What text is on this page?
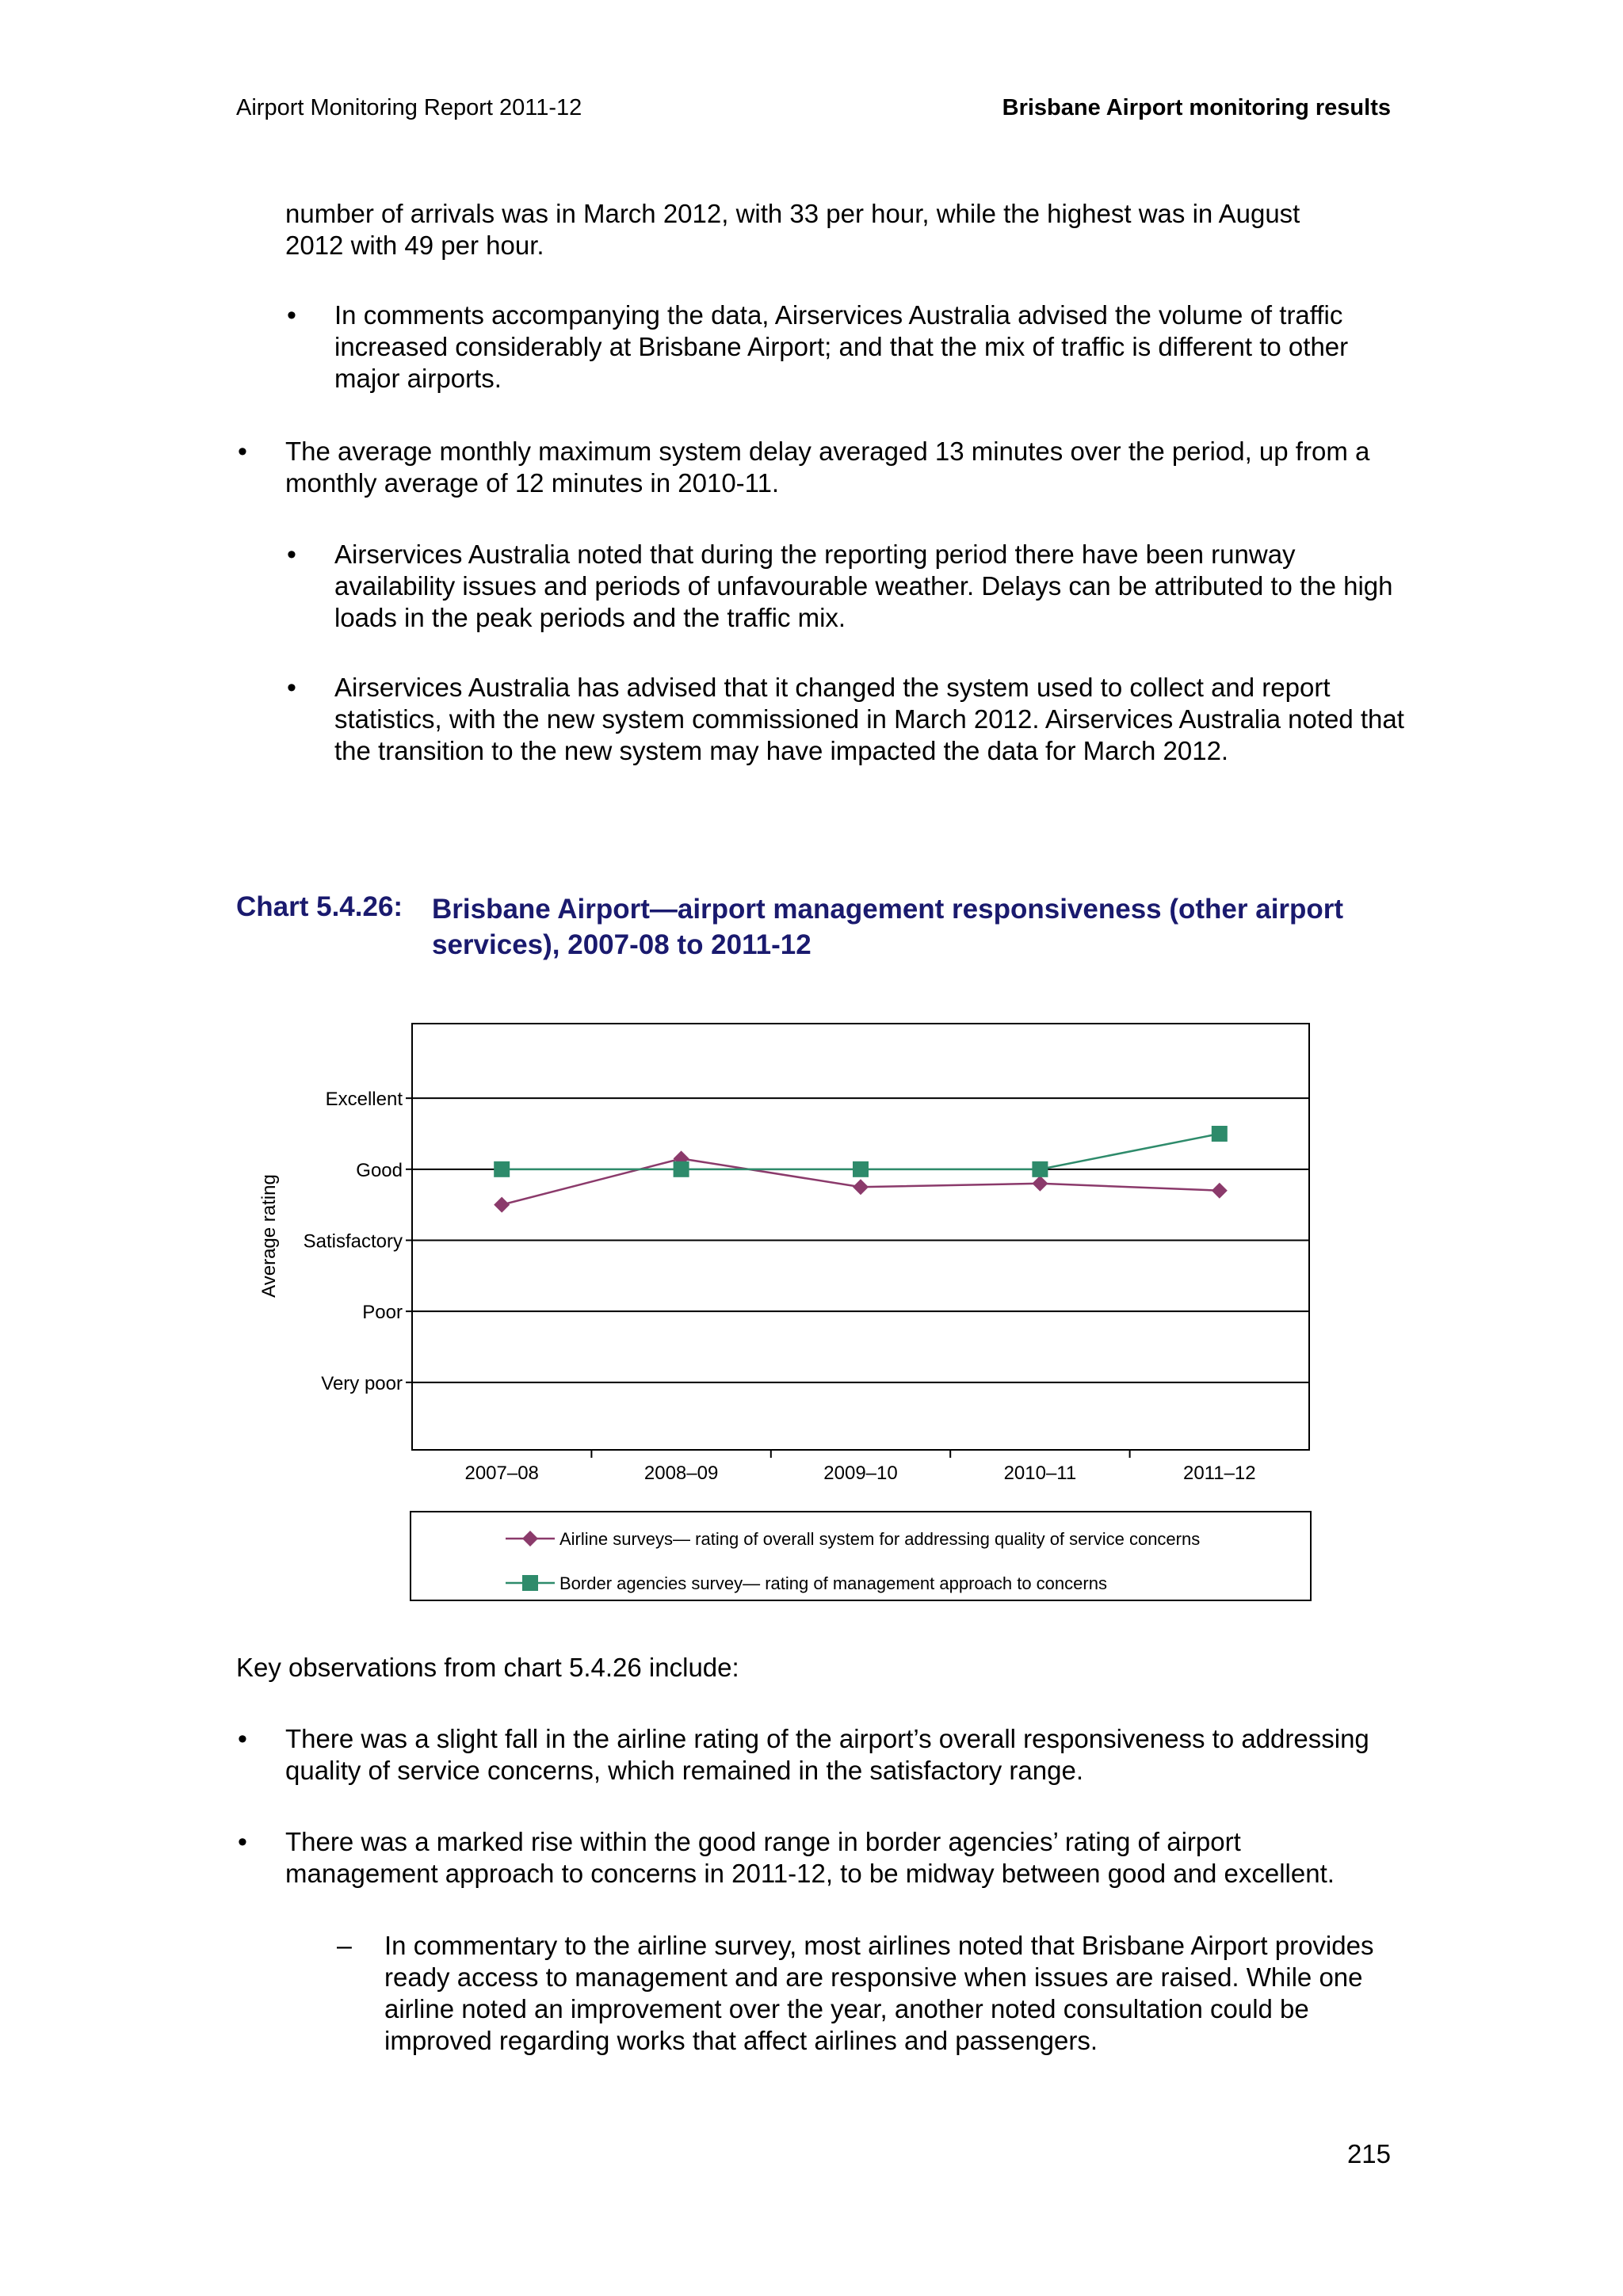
Airport Monitoring Report 2011-12	Brisbane Airport monitoring results

number of arrivals was in March 2012, with 33 per hour, while the highest was in August 2012 with 49 per hour.

• In comments accompanying the data, Airservices Australia advised the volume of traffic increased considerably at Brisbane Airport; and that the mix of traffic is different to other major airports.

• The average monthly maximum system delay averaged 13 minutes over the period, up from a monthly average of 12 minutes in 2010-11.

• Airservices Australia noted that during the reporting period there have been runway availability issues and periods of unfavourable weather. Delays can be attributed to the high loads in the peak periods and the traffic mix.

• Airservices Australia has advised that it changed the system used to collect and report statistics, with the new system commissioned in March 2012. Airservices Australia noted that the transition to the new system may have impacted the data for March 2012.

Chart 5.4.26: Brisbane Airport—airport management responsiveness (other airport services), 2007-08 to 2011-12
Very poor
Poor
Satisfactory
Good
Excellent
2007–08	2008–09	2009–10	2010–11	2011–12
Average rating
Airline surveys— rating of overall system for addressing quality of service concerns
Border agencies survey— rating of management approach to concerns

Key observations from chart 5.4.26 include:

• There was a slight fall in the airline rating of the airport’s overall responsiveness to addressing quality of service concerns, which remained in the satisfactory range.

• There was a marked rise within the good range in border agencies’ rating of airport management approach to concerns in 2011-12, to be midway between good and excellent.

– In commentary to the airline survey, most airlines noted that Brisbane Airport provides ready access to management and are responsive when issues are raised. While one airline noted an improvement over the year, another noted consultation could be improved regarding works that affect airlines and passengers.

215
